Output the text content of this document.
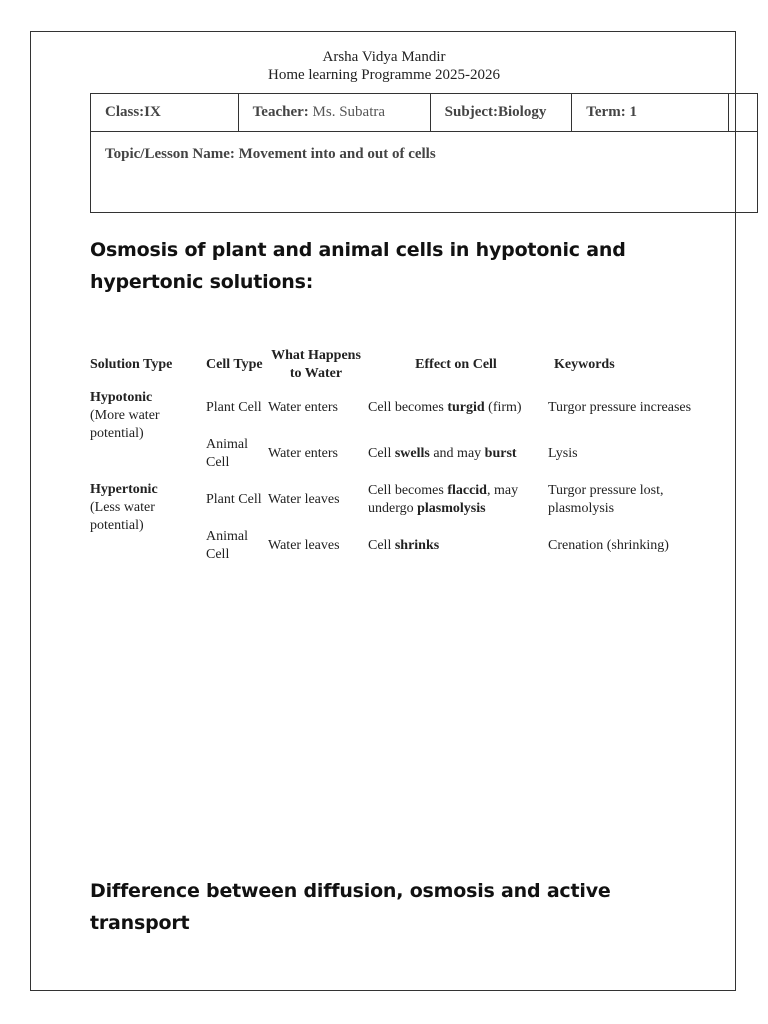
Arsha Vidya Mandir
Home learning Programme 2025-2026
Class:IX	Teacher: Ms. Subatra	Subject:Biology	Term: 1	
Topic/Lesson Name: Movement into and out of cells
Osmosis of plant and animal cells in hypotonic and hypertonic solutions:
Solution Type	Cell Type	What Happens to Water	Effect on Cell	Keywords

Hypotonic
(More water potential)	Plant Cell	Water enters	Cell becomes turgid (firm)	Turgor pressure increases
	Animal Cell	Water enters	Cell swells and may burst	Lysis

Hypertonic
(Less water potential)	Plant Cell	Water leaves	Cell becomes flaccid, may undergo plasmolysis	Turgor pressure lost, plasmolysis
	Animal Cell	Water leaves	Cell shrinks	Crenation (shrinking)
Difference between diffusion, osmosis and active transport
